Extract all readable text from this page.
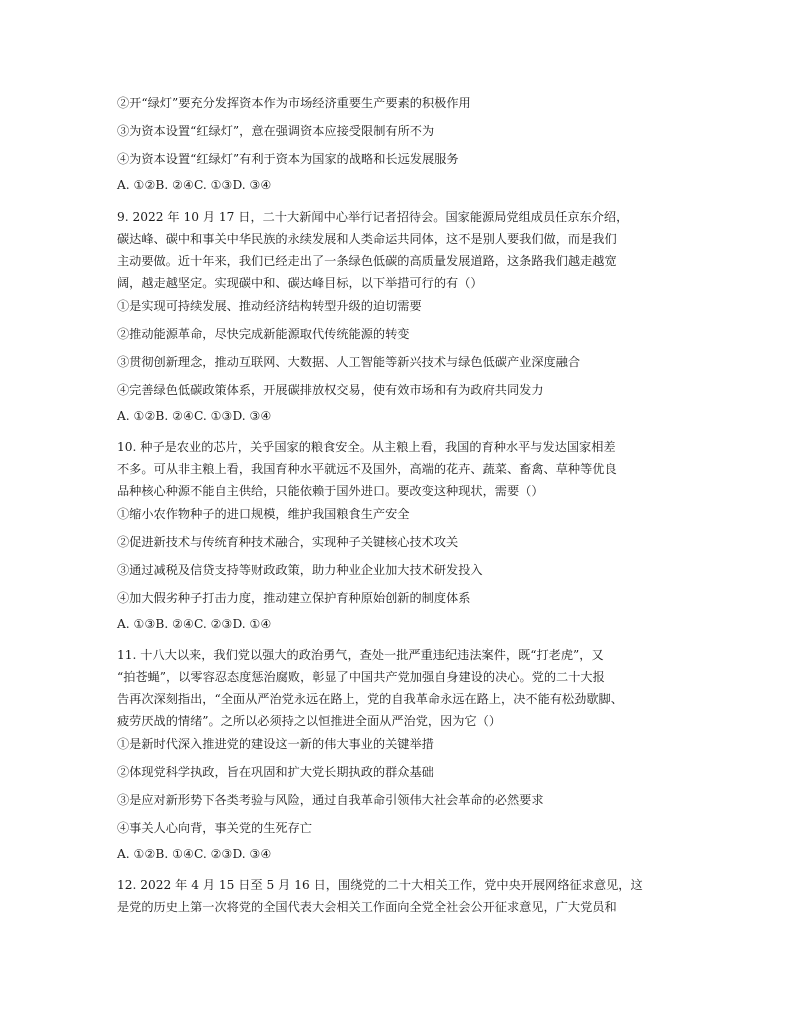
②开“绿灯”要充分发挥资本作为市场经济重要生产要素的积极作用
③为资本设置“红绿灯”，意在强调资本应接受限制有所不为
④为资本设置“红绿灯”有利于资本为国家的战略和长远发展服务
A. ①②B. ②④C. ①③D. ③④
9. 2022 年 10 月 17 日，二十大新闻中心举行记者招待会。国家能源局党组成员任京东介绍，
碳达峰、碳中和事关中华民族的永续发展和人类命运共同体，这不是别人要我们做，而是我们
主动要做。近十年来，我们已经走出了一条绿色低碳的高质量发展道路，这条路我们越走越宽
阔，越走越坚定。实现碳中和、碳达峰目标，以下举措可行的有（）
①是实现可持续发展、推动经济结构转型升级的迫切需要
②推动能源革命，尽快完成新能源取代传统能源的转变
③贯彻创新理念，推动互联网、大数据、人工智能等新兴技术与绿色低碳产业深度融合
④完善绿色低碳政策体系，开展碳排放权交易，使有效市场和有为政府共同发力
A. ①②B. ②④C. ①③D. ③④
10. 种子是农业的芯片，关乎国家的粮食安全。从主粮上看，我国的育种水平与发达国家相差
不多。可从非主粮上看，我国育种水平就远不及国外，高端的花卉、蔬菜、畜禽、草种等优良
品种核心种源不能自主供给，只能依赖于国外进口。要改变这种现状，需要（）
①缩小农作物种子的进口规模，维护我国粮食生产安全
②促进新技术与传统育种技术融合，实现种子关键核心技术攻关
③通过减税及信贷支持等财政政策，助力种业企业加大技术研发投入
④加大假劣种子打击力度，推动建立保护育种原始创新的制度体系
A. ①③B. ②④C. ②③D. ①④
11. 十八大以来，我们党以强大的政治勇气，查处一批严重违纪违法案件，既“打老虎”，又
“拍苍蝇”，以零容忍态度惩治腐败，彰显了中国共产党加强自身建设的决心。党的二十大报
告再次深刻指出，“全面从严治党永远在路上，党的自我革命永远在路上，决不能有松劲歇脚、
疲劳厌战的情绪”。之所以必须持之以恒推进全面从严治党，因为它（）
①是新时代深入推进党的建设这一新的伟大事业的关键举措
②体现党科学执政，旨在巩固和扩大党长期执政的群众基础
③是应对新形势下各类考验与风险，通过自我革命引领伟大社会革命的必然要求
④事关人心向背，事关党的生死存亡
A. ①②B. ①④C. ②③D. ③④
12. 2022 年 4 月 15 日至 5 月 16 日，围绕党的二十大相关工作，党中央开展网络征求意见，这
是党的历史上第一次将党的全国代表大会相关工作面向全党全社会公开征求意见，广大党员和
